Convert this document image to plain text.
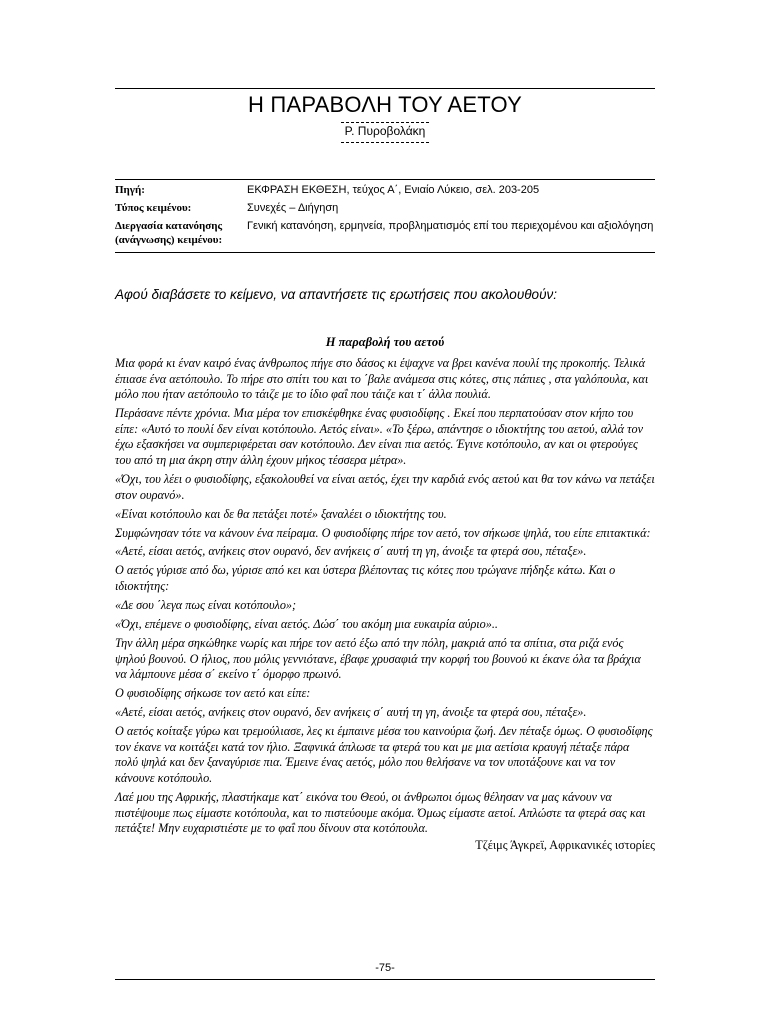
Η ΠΑΡΑΒΟΛΗ ΤΟΥ ΑΕΤΟΥ
Ρ. Πυροβολάκη
Πηγή:	ΕΚΦΡΑΣΗ ΕΚΘΕΣΗ, τεύχος Α΄, Ενιαίο Λύκειο, σελ. 203-205
Τύπος κειμένου:	Συνεχές – Διήγηση
Διεργασία κατανόησης (ανάγνωσης) κειμένου:
Γενική κατανόηση, ερμηνεία, προβληματισμός επί του περιεχομένου και αξιολόγηση
Αφού διαβάσετε το κείμενο, να απαντήσετε τις ερωτήσεις που ακολουθούν:
Η παραβολή του αετού

Μια φορά κι έναν καιρό ένας άνθρωπος πήγε στο δάσος κι έψαχνε να βρει κανένα πουλί της προκοπής. Τελικά έπιασε ένα αετόπουλο. Το πήρε στο σπίτι του και το ΄βαλε ανάμεσα στις κότες, στις πάπιες , στα γαλόπουλα, και μόλο που ήταν αετόπουλο το τάιζε με το ίδιο φαΐ που τάιζε και τ΄ άλλα πουλιά.

Περάσανε πέντε χρόνια. Μια μέρα τον επισκέφθηκε ένας φυσιοδίφης . Εκεί που περπατούσαν στον κήπο του είπε: «Αυτό το πουλί δεν είναι κοτόπουλο. Αετός είναι». «Το ξέρω, απάντησε ο ιδιοκτήτης του αετού, αλλά τον έχω εξασκήσει να συμπεριφέρεται σαν κοτόπουλο. Δεν είναι πια αετός. Έγινε κοτόπουλο, αν και οι φτερούγες του από τη μια άκρη στην άλλη έχουν μήκος τέσσερα μέτρα».

«Όχι, του λέει ο φυσιοδίφης, εξακολουθεί να είναι αετός, έχει την καρδιά ενός αετού και θα τον κάνω να πετάξει στον ουρανό».

«Είναι κοτόπουλο και δε θα πετάξει ποτέ» ξαναλέει ο ιδιοκτήτης του.

Συμφώνησαν τότε να κάνουν ένα πείραμα. Ο φυσιοδίφης πήρε τον αετό, τον σήκωσε ψηλά, του είπε επιτακτικά:

«Αετέ, είσαι αετός, ανήκεις στον ουρανό, δεν ανήκεις σ΄ αυτή τη γη, άνοιξε τα φτερά σου, πέταξε».

Ο αετός γύρισε από δω, γύρισε από κει και ύστερα βλέποντας τις κότες που τρώγανε πήδηξε κάτω. Και ο ιδιοκτήτης:

«Δε σου ΄λεγα πως είναι κοτόπουλο»;

«Όχι, επέμενε ο φυσιοδίφης, είναι αετός. Δώσ΄ του ακόμη μια ευκαιρία αύριο»..

Την άλλη μέρα σηκώθηκε νωρίς και πήρε τον αετό έξω από την πόλη, μακριά από τα σπίτια, στα ριζά ενός ψηλού βουνού. Ο ήλιος, που μόλις γεννιότανε, έβαφε χρυσαφιά την κορφή του βουνού κι έκανε όλα τα βράχια να λάμπουνε μέσα σ΄ εκείνο τ΄ όμορφο πρωινό.

Ο φυσιοδίφης σήκωσε τον αετό και είπε:

«Αετέ, είσαι αετός, ανήκεις στον ουρανό, δεν ανήκεις σ΄ αυτή τη γη, άνοιξε τα φτερά σου, πέταξε».

Ο αετός κοίταξε γύρω και τρεμούλιασε, λες κι έμπαινε μέσα του καινούρια ζωή. Δεν πέταξε όμως. Ο φυσιοδίφης τον έκανε να κοιτάξει κατά τον ήλιο. Ξαφνικά άπλωσε τα φτερά του και με μια αετίσια κραυγή πέταξε πάρα πολύ ψηλά και δεν ξαναγύρισε πια. Έμεινε ένας αετός, μόλο που θελήσανε να τον υποτάξουνε και να τον κάνουνε κοτόπουλο.

Λαέ μου της Αφρικής, πλαστήκαμε κατ΄ εικόνα του Θεού, οι άνθρωποι όμως θέλησαν να μας κάνουν να πιστέψουμε πως είμαστε κοτόπουλα, και το πιστεύουμε ακόμα. Όμως είμαστε αετοί. Απλώστε τα φτερά σας και πετάξτε! Μην ευχαριστιέστε με το φαΐ που δίνουν στα κοτόπουλα.

Τζέιμς Άγκρεϊ, Αφρικανικές ιστορίες
-75-
